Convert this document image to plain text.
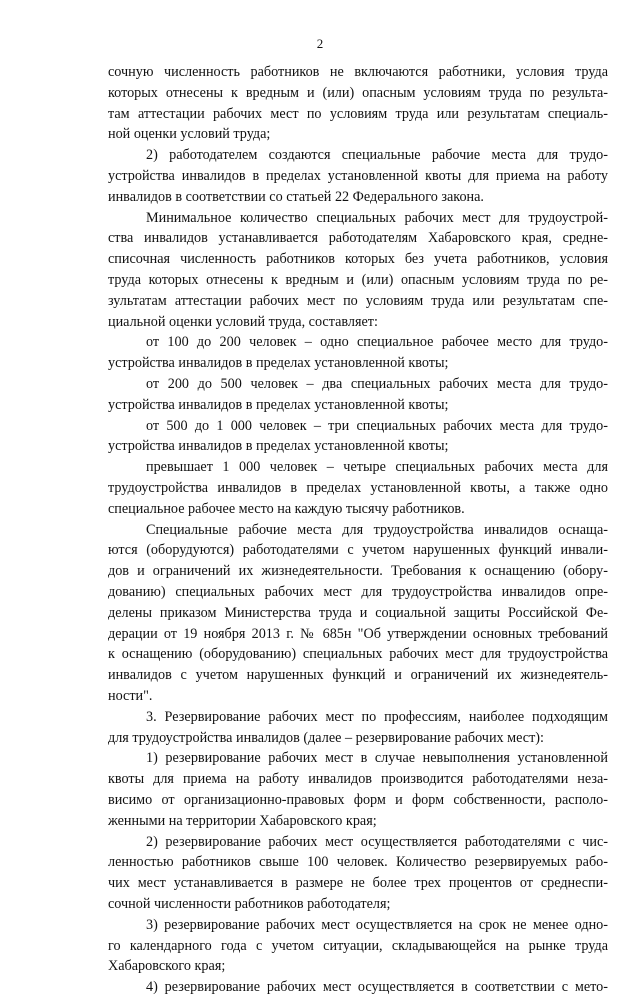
2
сочную численность работников не включаются работники, условия труда
которых отнесены к вредным и (или) опасным условиям труда по результа-
там аттестации рабочих мест по условиям труда или результатам специаль-
ной оценки условий труда;
2) работодателем создаются специальные рабочие места для трудо-
устройства инвалидов в пределах установленной квоты для приема на работу
инвалидов в соответствии со статьей 22 Федерального закона.
Минимальное количество специальных рабочих мест для трудоустрой-
ства инвалидов устанавливается работодателям Хабаровского края, средне-
списочная численность работников которых без учета работников, условия
труда которых отнесены к вредным и (или) опасным условиям труда по ре-
зультатам аттестации рабочих мест по условиям труда или результатам спе-
циальной оценки условий труда, составляет:
от 100 до 200 человек – одно специальное рабочее место для трудо-
устройства инвалидов в пределах установленной квоты;
от 200 до 500 человек – два специальных рабочих места для трудо-
устройства инвалидов в пределах установленной квоты;
от 500 до 1 000 человек – три специальных рабочих места для трудо-
устройства инвалидов в пределах установленной квоты;
превышает 1 000 человек – четыре специальных рабочих места для
трудоустройства инвалидов в пределах установленной квоты, а также одно
специальное рабочее место на каждую тысячу работников.
Специальные рабочие места для трудоустройства инвалидов оснаща-
ются (оборудуются) работодателями с учетом нарушенных функций инвали-
дов и ограничений их жизнедеятельности. Требования к оснащению (обору-
дованию) специальных рабочих мест для трудоустройства инвалидов опре-
делены приказом Министерства труда и социальной защиты Российской Фе-
дерации от 19 ноября 2013 г. № 685н "Об утверждении основных требований
к оснащению (оборудованию) специальных рабочих мест для трудоустройства
инвалидов с учетом нарушенных функций и ограничений их жизнедеятель-
ности".
3. Резервирование рабочих мест по профессиям, наиболее подходящим
для трудоустройства инвалидов (далее – резервирование рабочих мест):
1) резервирование рабочих мест в случае невыполнения установленной
квоты для приема на работу инвалидов производится работодателями неза-
висимо от организационно-правовых форм и форм собственности, располо-
женными на территории Хабаровского края;
2) резервирование рабочих мест осуществляется работодателями с чис-
ленностью работников свыше 100 человек. Количество резервируемых рабо-
чих мест устанавливается в размере не более трех процентов от среднеспи-
сочной численности работников работодателя;
3) резервирование рабочих мест осуществляется на срок не менее одно-
го календарного года с учетом ситуации, складывающейся на рынке труда
Хабаровского края;
4) резервирование рабочих мест осуществляется в соответствии с мето-
